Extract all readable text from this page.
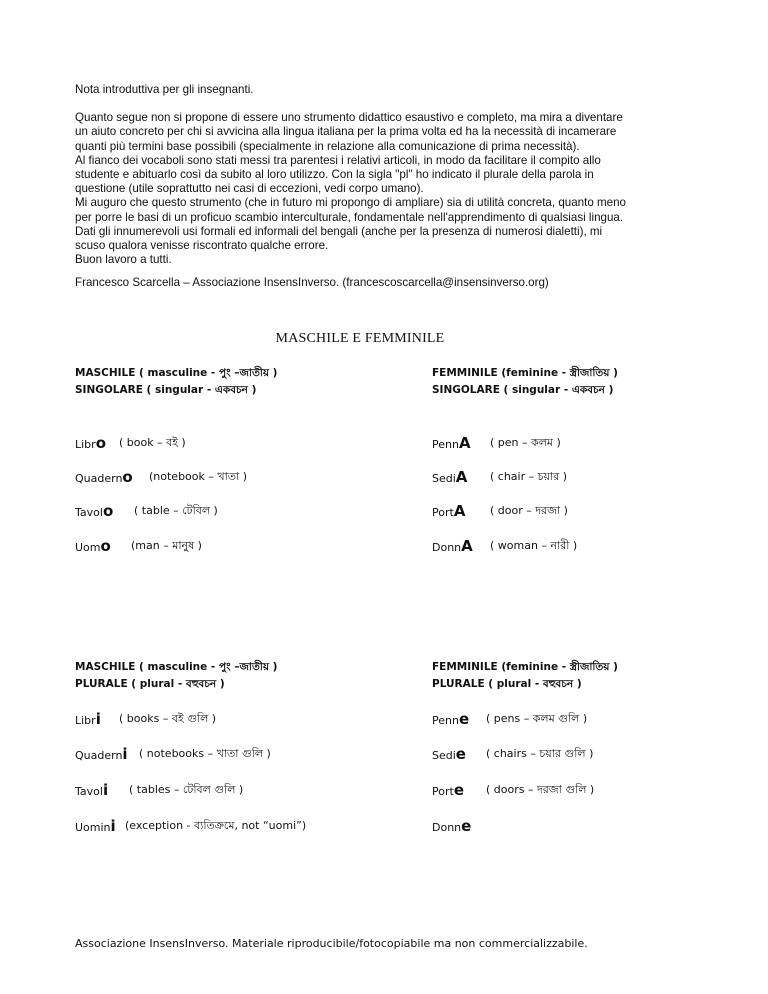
Nota introduttiva per gli insegnanti.

Quanto segue non si propone di essere uno strumento didattico esaustivo e completo, ma mira a diventare

un aiuto concreto per chi si avvicina alla lingua italiana per la prima volta ed ha la necessità di incamerare

quanti più termini base possibili (specialmente in relazione alla comunicazione di prima necessità).

Al fianco dei vocaboli sono stati messi tra parentesi i relativi articoli, in modo da facilitare il compito allo

studente e abituarlo così da subito al loro utilizzo. Con la sigla "pl" ho indicato il plurale della parola in

questione (utile soprattutto nei casi di eccezioni, vedi corpo umano).

Mi auguro che questo strumento (che in futuro mi propongo di ampliare) sia di utilità concreta, quanto meno

per porre le basi di un proficuo scambio interculturale, fondamentale nell'apprendimento di qualsiasi lingua.

Dati gli innumerevoli usi formali ed informali del bengali (anche per la presenza di numerosi dialetti), mi

scuso qualora venisse riscontrato qualche errore.

Buon lavoro a tutti.

Francesco Scarcella – Associazione InsensInverso. (francescoscarcella@insensinverso.org)
MASCHILE E FEMMINILE
MASCHILE ( masculine - পুং –জাতীয় )
SINGOLARE ( singular - একবচন )
FEMMINILE (feminine - স্ত্রীজাতিয় )
SINGOLARE ( singular - একবচন )
Libro ( book – বই )
Quaderno (notebook – খাতা )
Tavolo ( table – টেবিল )
Uomo (man – মানুষ )
PennA ( pen – কলম )
SediA ( chair – চয়ার )
PortA ( door – দরজা )
DonnA ( woman – নারী )
MASCHILE ( masculine - পুং –জাতীয় )
PLURALE ( plural - বহুবচন )
FEMMINILE (feminine - স্ত্রীজাতিয় )
PLURALE ( plural - বহুবচন )
Libri ( books – বই গুলি )
Quaderni ( notebooks – খাতা গুলি )
Tavoli ( tables – টেবিল গুলি )
Uomini (exception - ব্যতিক্রমে, not “uomi”)
Penne ( pens – কলম গুলি )
Sedie ( chairs – চয়ার গুলি )
Porte ( doors – দরজা গুলি )
Donne
Associazione InsensInverso. Materiale riproducibile/fotocopiabile ma non commercializzabile.
